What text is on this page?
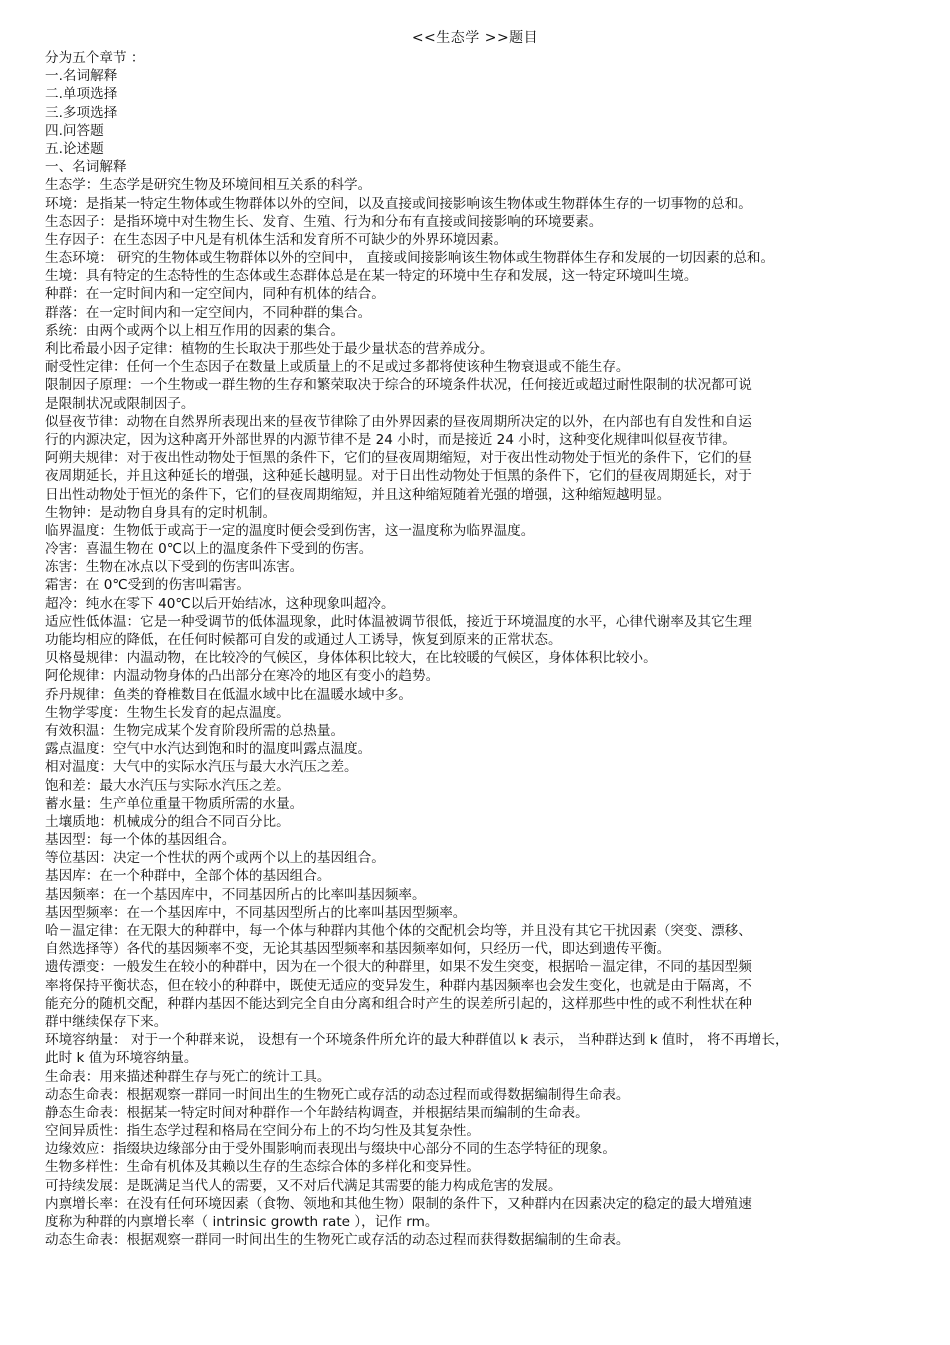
<<生态学 >>题目
分为五个章节 ：
一.名词解释
二.单项选择
三.多项选择
四.问答题
五.论述题
一、名词解释
生态学：生态学是研究生物及环境间相互关系的科学。
环境：是指某一特定生物体或生物群体以外的空间，以及直接或间接影响该生物体或生物群体生存的一切事物的总和。
生态因子：是指环境中对生物生长、发育、生殖、行为和分布有直接或间接影响的环境要素。
生存因子：在生态因子中凡是有机体生活和发育所不可缺少的外界环境因素。
生态环境： 研究的生物体或生物群体以外的空间中， 直接或间接影响该生物体或生物群体生存和发展的一切因素的总和。
生境：具有特定的生态特性的生态体或生态群体总是在某一特定的环境中生存和发展，这一特定环境叫生境。
种群：在一定时间内和一定空间内，同种有机体的结合。
群落：在一定时间内和一定空间内，不同种群的集合。
系统：由两个或两个以上相互作用的因素的集合。
利比希最小因子定律：植物的生长取决于那些处于最少量状态的营养成分。
耐受性定律：任何一个生态因子在数量上或质量上的不足或过多都将使该种生物衰退或不能生存。
限制因子原理：一个生物或一群生物的生存和繁荣取决于综合的环境条件状况，任何接近或超过耐性限制的状况都可说
是限制状况或限制因子。
似昼夜节律：动物在自然界所表现出来的昼夜节律除了由外界因素的昼夜周期所决定的以外，在内部也有自发性和自运
行的内源决定，因为这种离开外部世界的内源节律不是 24 小时，而是接近 24 小时，这种变化规律叫似昼夜节律。
阿朔夫规律：对于夜出性动物处于恒黑的条件下，它们的昼夜周期缩短，对于夜出性动物处于恒光的条件下，它们的昼
夜周期延长，并且这种延长的增强，这种延长越明显。对于日出性动物处于恒黑的条件下，它们的昼夜周期延长，对于
日出性动物处于恒光的条件下，它们的昼夜周期缩短，并且这种缩短随着光强的增强，这种缩短越明显。
生物钟：是动物自身具有的定时机制。
临界温度：生物低于或高于一定的温度时便会受到伤害，这一温度称为临界温度。
冷害：喜温生物在 0℃以上的温度条件下受到的伤害。
冻害：生物在冰点以下受到的伤害叫冻害。
霜害：在 0℃受到的伤害叫霜害。
超冷：纯水在零下 40℃以后开始结冰，这种现象叫超冷。
适应性低体温：它是一种受调节的低体温现象，此时体温被调节很低，接近于环境温度的水平，心律代谢率及其它生理
功能均相应的降低，在任何时候都可自发的或通过人工诱导，恢复到原来的正常状态。
贝格曼规律：内温动物，在比较冷的气候区，身体体积比较大，在比较暖的气候区，身体体积比较小。
阿伦规律：内温动物身体的凸出部分在寒冷的地区有变小的趋势。
乔丹规律：鱼类的脊椎数目在低温水域中比在温暖水域中多。
生物学零度：生物生长发育的起点温度。
有效积温：生物完成某个发育阶段所需的总热量。
露点温度：空气中水汽达到饱和时的温度叫露点温度。
相对温度：大气中的实际水汽压与最大水汽压之差。
饱和差：最大水汽压与实际水汽压之差。
蓄水量：生产单位重量干物质所需的水量。
土壤质地：机械成分的组合不同百分比。
基因型：每一个体的基因组合。
等位基因：决定一个性状的两个或两个以上的基因组合。
基因库：在一个种群中，全部个体的基因组合。
基因频率：在一个基因库中，不同基因所占的比率叫基因频率。
基因型频率：在一个基因库中，不同基因型所占的比率叫基因型频率。
哈－温定律：在无限大的种群中，每一个体与种群内其他个体的交配机会均等，并且没有其它干扰因素（突变、漂移、
自然选择等）各代的基因频率不变，无论其基因型频率和基因频率如何，只经历一代，即达到遗传平衡。
遗传漂变：一般发生在较小的种群中，因为在一个很大的种群里，如果不发生突变，根据哈－温定律，不同的基因型频
率将保持平衡状态，但在较小的种群中，既使无适应的变异发生，种群内基因频率也会发生变化，也就是由于隔离，不
能充分的随机交配，种群内基因不能达到完全自由分离和组合时产生的误差所引起的，这样那些中性的或不利性状在种
群中继续保存下来。
环境容纳量： 对于一个种群来说， 设想有一个环境条件所允许的最大种群值以 k 表示， 当种群达到 k 值时， 将不再增长，
此时 k 值为环境容纳量。
生命表：用来描述种群生存与死亡的统计工具。
动态生命表：根据观察一群同一时间出生的生物死亡或存活的动态过程而或得数据编制得生命表。
静态生命表：根据某一特定时间对种群作一个年龄结构调查，并根据结果而编制的生命表。
空间异质性：指生态学过程和格局在空间分布上的不均匀性及其复杂性。
边缘效应：指缀块边缘部分由于受外围影响而表现出与缀块中心部分不同的生态学特征的现象。
生物多样性：生命有机体及其赖以生存的生态综合体的多样化和变异性。
可持续发展：是既满足当代人的需要，又不对后代满足其需要的能力构成危害的发展。
内禀增长率：在没有任何环境因素（食物、领地和其他生物）限制的条件下，又种群内在因素决定的稳定的最大增殖速
度称为种群的内禀增长率（ intrinsic growth rate ），记作 rm。
动态生命表：根据观察一群同一时间出生的生物死亡或存活的动态过程而获得数据编制的生命表。
